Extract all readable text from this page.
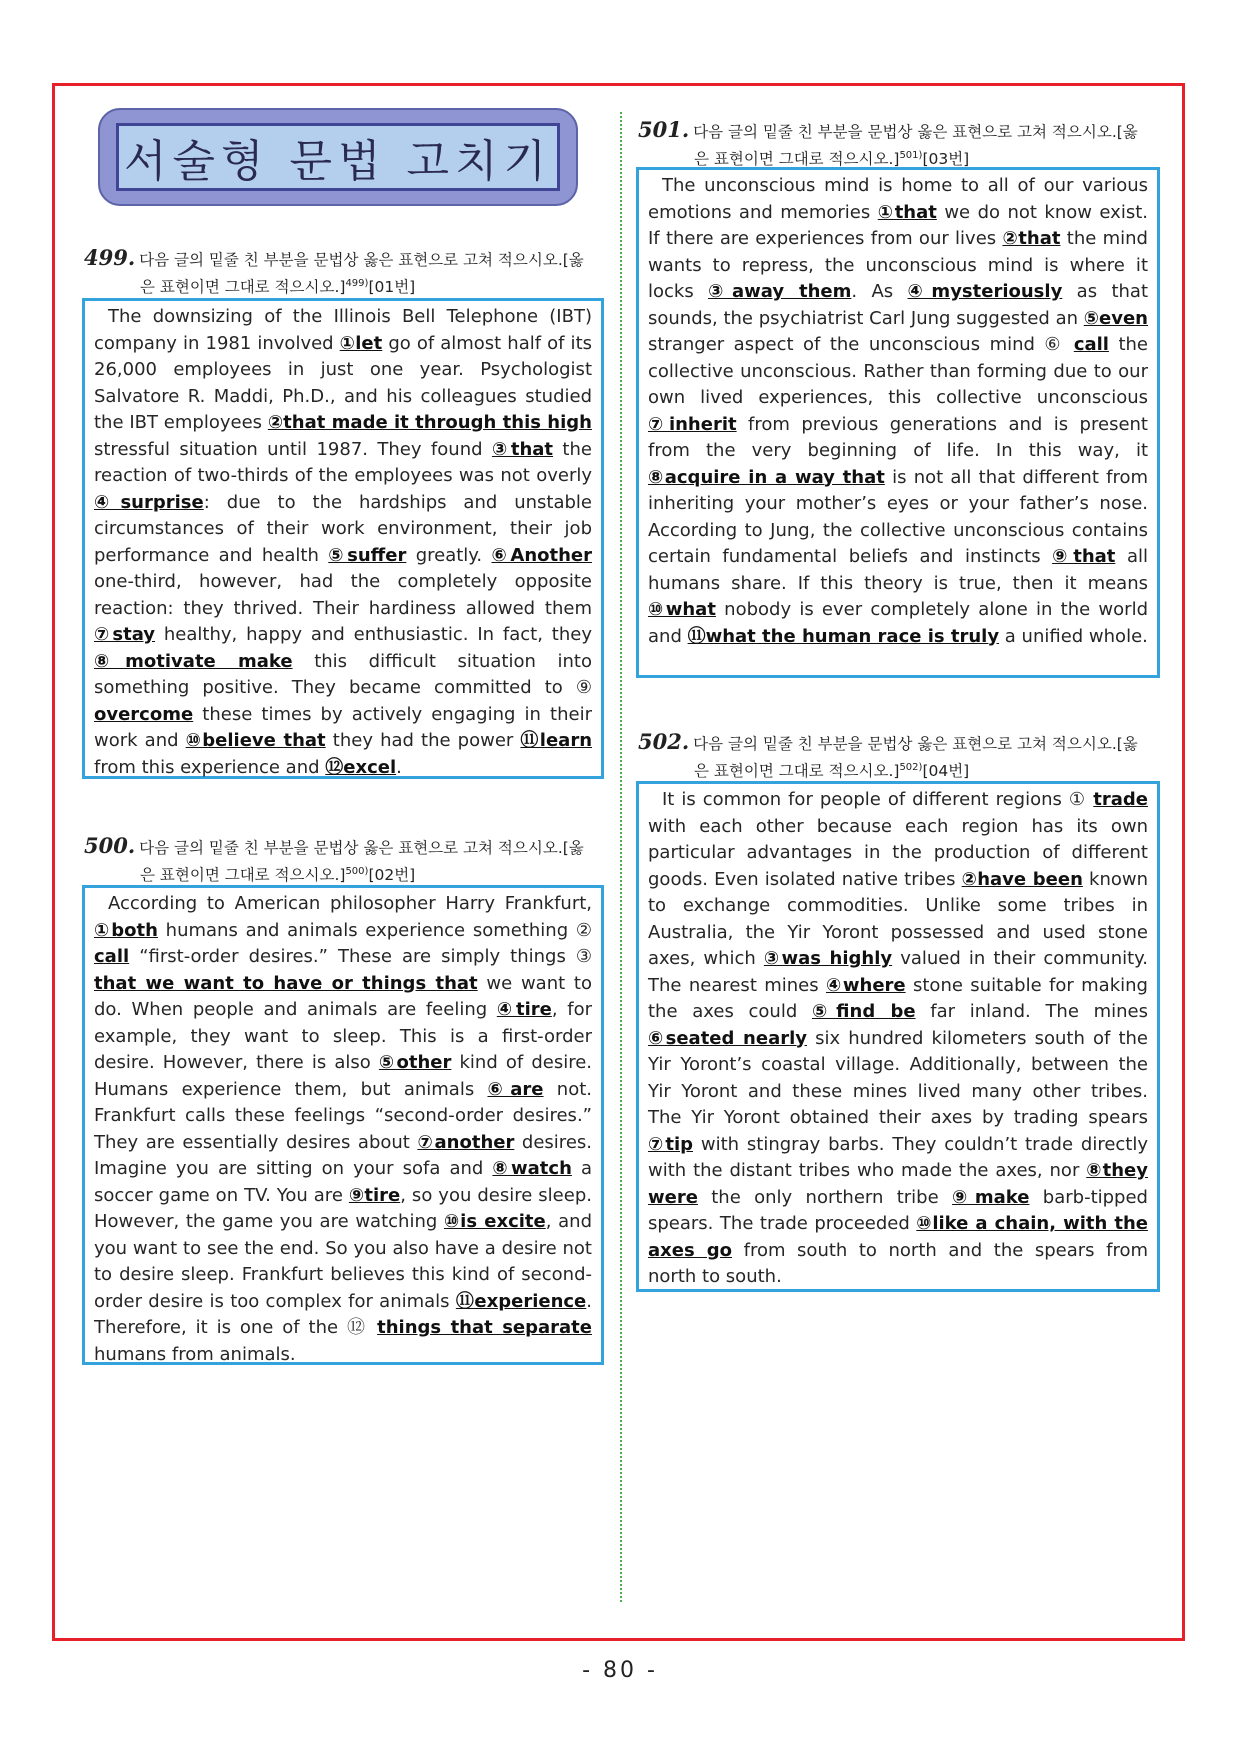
서술형 문법 고치기
499. 다음 글의 밑줄 친 부분을 문법상 옳은 표현으로 고쳐 적으시오.[옳
은 표현이면 그대로 적으시오.]$^{499)}$[01번]

The downsizing of the Illinois Bell Telephone (IBT) company in 1981 involved ①let go of almost half of its 26,000 employees in just one year. Psychologist Salvatore R. Maddi, Ph.D., and his colleagues studied the IBT employees ②that made it through this high stressful situation until 1987. They found ③that the reaction of two-thirds of the employees was not overly ④surprise: due to the hardships and unstable circumstances of their work environment, their job performance and health ⑤suffer greatly. ⑥Another one-third, however, had the completely opposite reaction: they thrived. Their hardiness allowed them ⑦stay healthy, happy and enthusiastic. In fact, they ⑧motivate make this difficult situation into something positive. They became committed to ⑨ overcome these times by actively engaging in their work and ⑩believe that they had the power ⑪learn from this experience and ⑫excel.

500. 다음 글의 밑줄 친 부분을 문법상 옳은 표현으로 고쳐 적으시오.[옳
은 표현이면 그대로 적으시오.]$^{500)}$[02번]

According to American philosopher Harry Frankfurt, ①both humans and animals experience something ② call “first-order desires.” These are simply things ③ that we want to have or things that we want to do. When people and animals are feeling ④tire, for example, they want to sleep. This is a first-order desire. However, there is also ⑤other kind of desire. Humans experience them, but animals ⑥are not. Frankfurt calls these feelings “second-order desires.” They are essentially desires about ⑦another desires. Imagine you are sitting on your sofa and ⑧watch a soccer game on TV. You are ⑨tire, so you desire sleep. However, the game you are watching ⑩is excite, and you want to see the end. So you also have a desire not to desire sleep. Frankfurt believes this kind of second-order desire is too complex for animals ⑪experience. Therefore, it is one of the ⑫ things that separate humans from animals.

501. 다음 글의 밑줄 친 부분을 문법상 옳은 표현으로 고쳐 적으시오.[옳
은 표현이면 그대로 적으시오.]$^{501)}$[03번]

The unconscious mind is home to all of our various emotions and memories ①that we do not know exist. If there are experiences from our lives ②that the mind wants to repress, the unconscious mind is where it locks ③away them. As ④mysteriously as that sounds, the psychiatrist Carl Jung suggested an ⑤even stranger aspect of the unconscious mind ⑥ call the collective unconscious. Rather than forming due to our own lived experiences, this collective unconscious ⑦inherit from previous generations and is present from the very beginning of life. In this way, it ⑧acquire in a way that is not all that different from inheriting your mother’s eyes or your father’s nose. According to Jung, the collective unconscious contains certain fundamental beliefs and instincts ⑨that all humans share. If this theory is true, then it means ⑩what nobody is ever completely alone in the world and ⑪what the human race is truly a unified whole.

502. 다음 글의 밑줄 친 부분을 문법상 옳은 표현으로 고쳐 적으시오.[옳
은 표현이면 그대로 적으시오.]$^{502)}$[04번]

It is common for people of different regions ① trade with each other because each region has its own particular advantages in the production of different goods. Even isolated native tribes ②have been known to exchange commodities. Unlike some tribes in Australia, the Yir Yoront possessed and used stone axes, which ③was highly valued in their community. The nearest mines ④where stone suitable for making the axes could ⑤find be far inland. The mines ⑥seated nearly six hundred kilometers south of the Yir Yoront’s coastal village. Additionally, between the Yir Yoront and these mines lived many other tribes. The Yir Yoront obtained their axes by trading spears ⑦tip with stingray barbs. They couldn’t trade directly with the distant tribes who made the axes, nor ⑧they were the only northern tribe ⑨make barb-tipped spears. The trade proceeded ⑩like a chain, with the axes go from south to north and the spears from north to south.

- 80 -
